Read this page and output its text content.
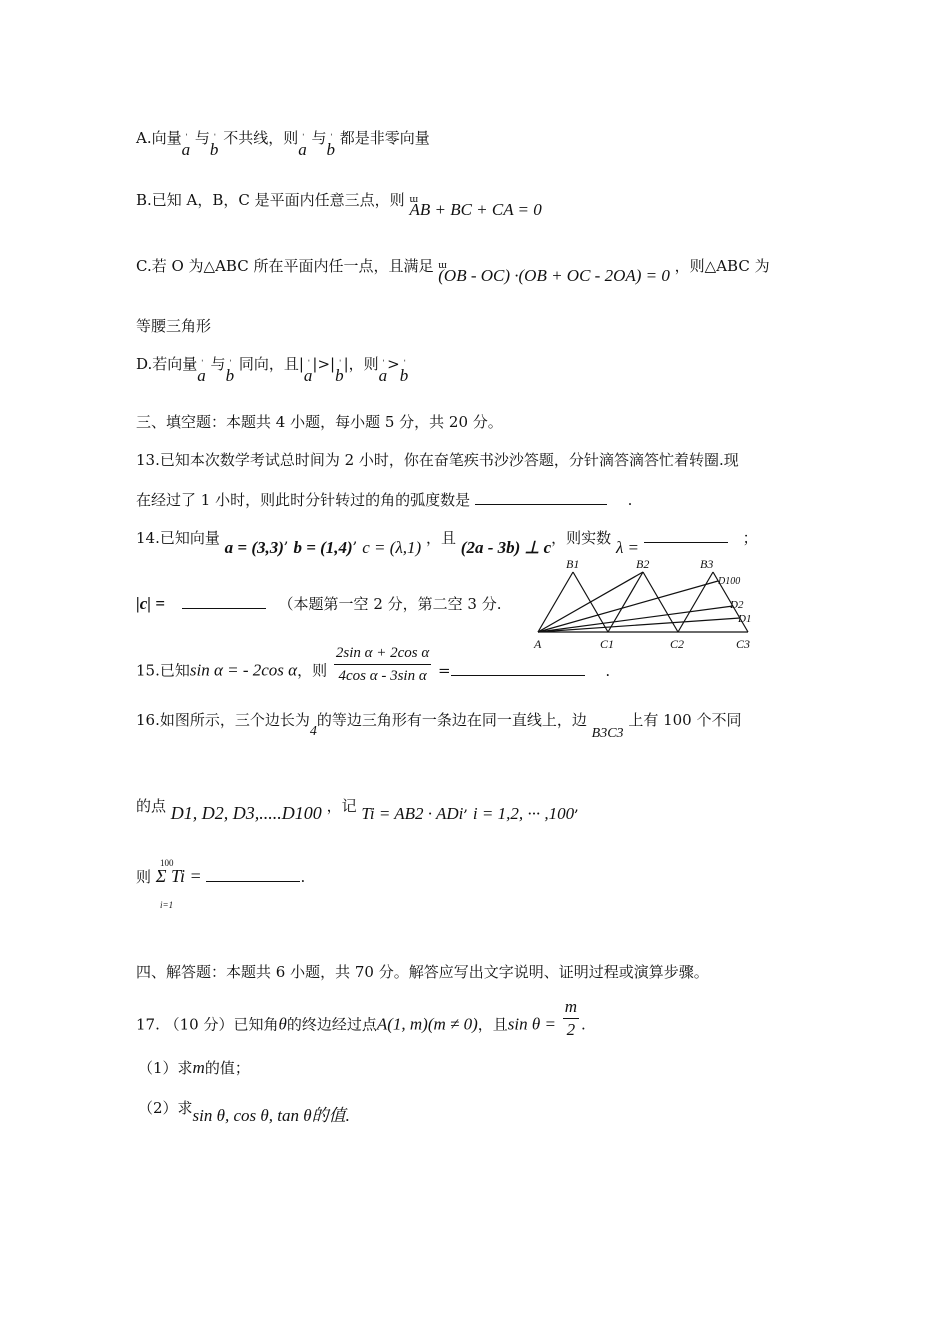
A.向量ˈ a 与ˈ b 不共线，则ˈ a 与ˈ b 都是非零向量
B.已知 A，B，C 是平面内任意三点，则 ɯ AB + BC + CA = 0
C.若 O 为△ABC 所在平面内任一点，且满足 ɯ (OB - OC) ·(OB + OC - 2OA) = 0 ，则△ABC 为
等腰三角形
D.若向量ˈ a 与ˈ b 同向，且|ˈ a|>|ˈ b|，则ˈ a>ˈ b
三、填空题：本题共 4 小题，每小题 5 分，共 20 分。
13.已知本次数学考试总时间为 2 小时，你在奋笔疾书沙沙答题，分针滴答滴答忙着转圈.现
在经过了 1 小时，则此时分针转过的角的弧度数是	.
14.已知向量 a = (3,3), b = (1,4), c = (λ,1) ，且 (2a - 3b) ⊥ c，则实数 λ =	；
|c| =	（本题第一空 2 分，第二空 3 分.
15.已知sin α = - 2cos α，则 $\frac{\text{2sin α + 2cos α}}{\text{4cos α - 3sin α}}$ =	.
16.如图所示，三个边长为4的等边三角形有一条边在同一直线上，边 B3C3 上有 100 个不同
的点 D1, D2, D3,.....D100 ，记 Ti = AB2 · ADi, i = 1,2, ··· ,100,
则 Σ Ti =	.
100
i=1
B1	B2	B3
D100
D2
D1
A	C1	C2	C3
四、解答题：本题共 6 小题，共 70 分。解答应写出文字说明、证明过程或演算步骤。
17. （10 分）已知角θ的终边经过点A(1, m)(m ≠ 0)，且$\sin \theta = \frac{m}{2}$ .
（1）求m的值；
（2）求sin θ, cos θ, tan θ的值.
